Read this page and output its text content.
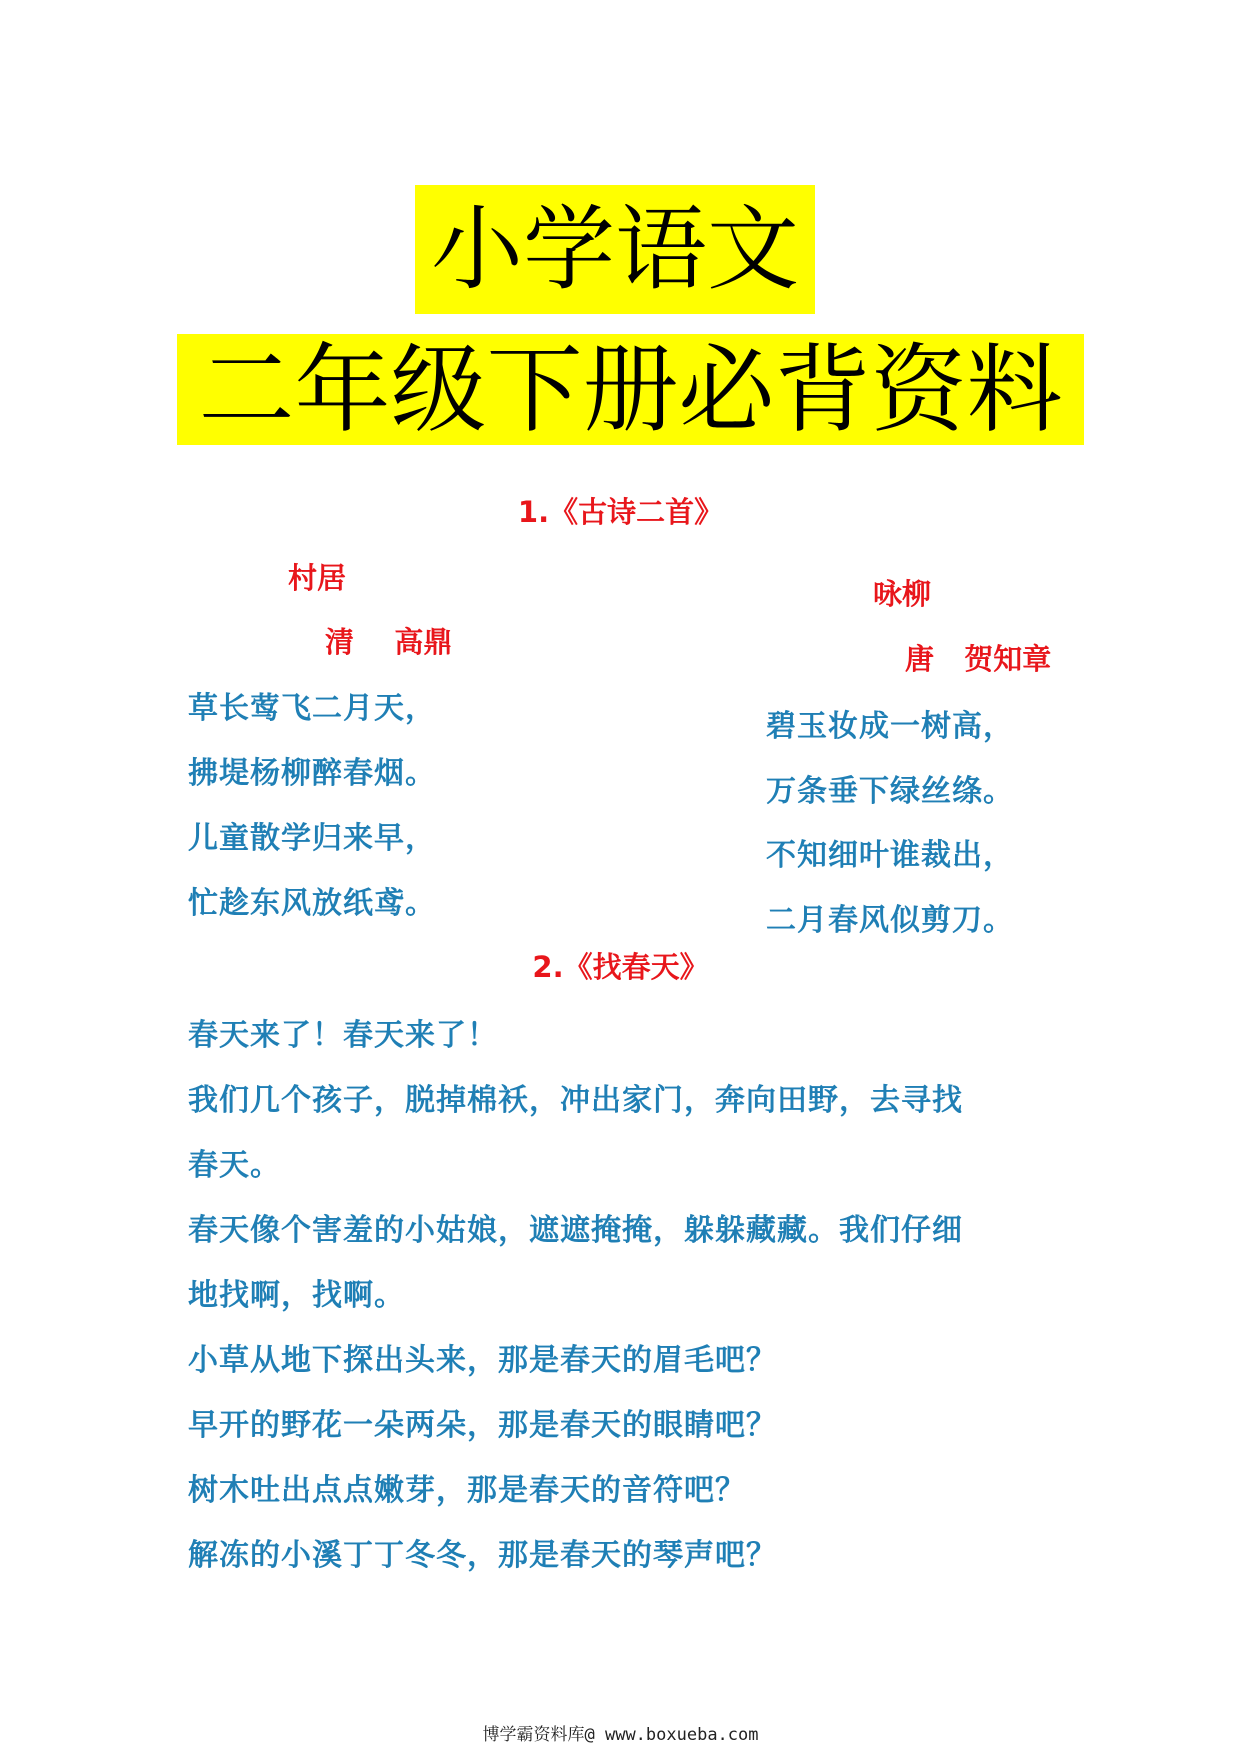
小学语文
二年级下册必背资料
1.《古诗二首》
村居
清    高鼎
草长莺飞二月天，
拂堤杨柳醉春烟。
儿童散学归来早，
忙趁东风放纸鸢。
咏柳
唐   贺知章
碧玉妆成一树高，
万条垂下绿丝绦。
不知细叶谁裁出，
二月春风似剪刀。
2.《找春天》
春天来了！春天来了！
我们几个孩子，脱掉棉袄，冲出家门，奔向田野，去寻找
春天。
春天像个害羞的小姑娘，遮遮掩掩，躲躲藏藏。我们仔细
地找啊，找啊。
小草从地下探出头来，那是春天的眉毛吧？
早开的野花一朵两朵，那是春天的眼睛吧？
树木吐出点点嫩芽，那是春天的音符吧？
解冻的小溪丁丁冬冬，那是春天的琴声吧？
博学霸资料库@ www.boxueba.com
